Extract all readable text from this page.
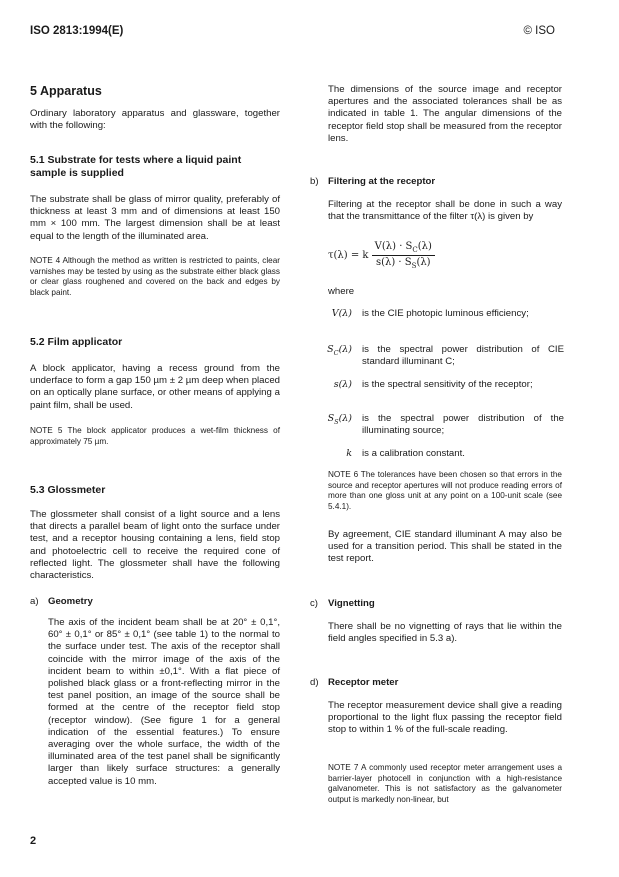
ISO 2813:1994(E)	© ISO
5 Apparatus

Ordinary laboratory apparatus and glassware, together with the following:

5.1 Substrate for tests where a liquid paint sample is supplied

The substrate shall be glass of mirror quality, preferably of thickness at least 3 mm and of dimensions at least 150 mm × 100 mm. The largest dimension shall be at least equal to the length of the illuminated area.

NOTE 4 Although the method as written is restricted to paints, clear varnishes may be tested by using as the substrate either black glass or clear glass roughened and covered on the back and edges by black paint.

5.2 Film applicator

A block applicator, having a recess ground from the underface to form a gap 150 µm ± 2 µm deep when placed on an optically plane surface, or other means of applying a paint film, shall be used.

NOTE 5 The block applicator produces a wet-film thickness of approximately 75 µm.

5.3 Glossmeter

The glossmeter shall consist of a light source and a lens that directs a parallel beam of light onto the surface under test, and a receptor housing containing a lens, field stop and photoelectric cell to receive the required cone of reflected light. The glossmeter shall have the following characteristics.

a) Geometry

The axis of the incident beam shall be at 20° ± 0,1°, 60° ± 0,1° or 85° ± 0,1° (see table 1) to the normal to the surface under test. The axis of the receptor shall coincide with the mirror image of the axis of the incident beam to within ±0,1°. With a flat piece of polished black glass or a front-reflecting mirror in the test panel position, an image of the source shall be formed at the centre of the receptor field stop (receptor window). (See figure 1 for a general indication of the essential features.) To ensure averaging over the whole surface, the width of the illuminated area of the test panel shall be significantly larger than likely surface structures: a generally accepted value is 10 mm.

The dimensions of the source image and receptor apertures and the associated tolerances shall be as indicated in table 1. The angular dimensions of the receptor field stop shall be measured from the receptor lens.

b) Filtering at the receptor

Filtering at the receptor shall be done in such a way that the transmittance of the filter τ(λ) is given by

τ(λ) = k $\frac{V(\lambda) \cdot S_C(\lambda)}{s(\lambda) \cdot S_S(\lambda)}$

where

V(λ) is the CIE photopic luminous efficiency;
$S_C(\lambda)$ is the spectral power distribution of CIE standard illuminant C;
s(λ) is the spectral sensitivity of the receptor;
$S_S(\lambda)$ is the spectral power distribution of the illuminating source;
k is a calibration constant.

NOTE 6 The tolerances have been chosen so that errors in the source and receptor apertures will not produce reading errors of more than one gloss unit at any point on a 100-unit scale (see 5.4.1).

By agreement, CIE standard illuminant A may also be used for a transition period. This shall be stated in the test report.

c) Vignetting

There shall be no vignetting of rays that lie within the field angles specified in 5.3 a).

d) Receptor meter

The receptor measurement device shall give a reading proportional to the light flux passing the receptor field stop to within 1 % of the full-scale reading.

NOTE 7 A commonly used receptor meter arrangement uses a barrier-layer photocell in conjunction with a high-resistance galvanometer. This is not satisfactory as the galvanometer output is markedly non-linear, but

2
